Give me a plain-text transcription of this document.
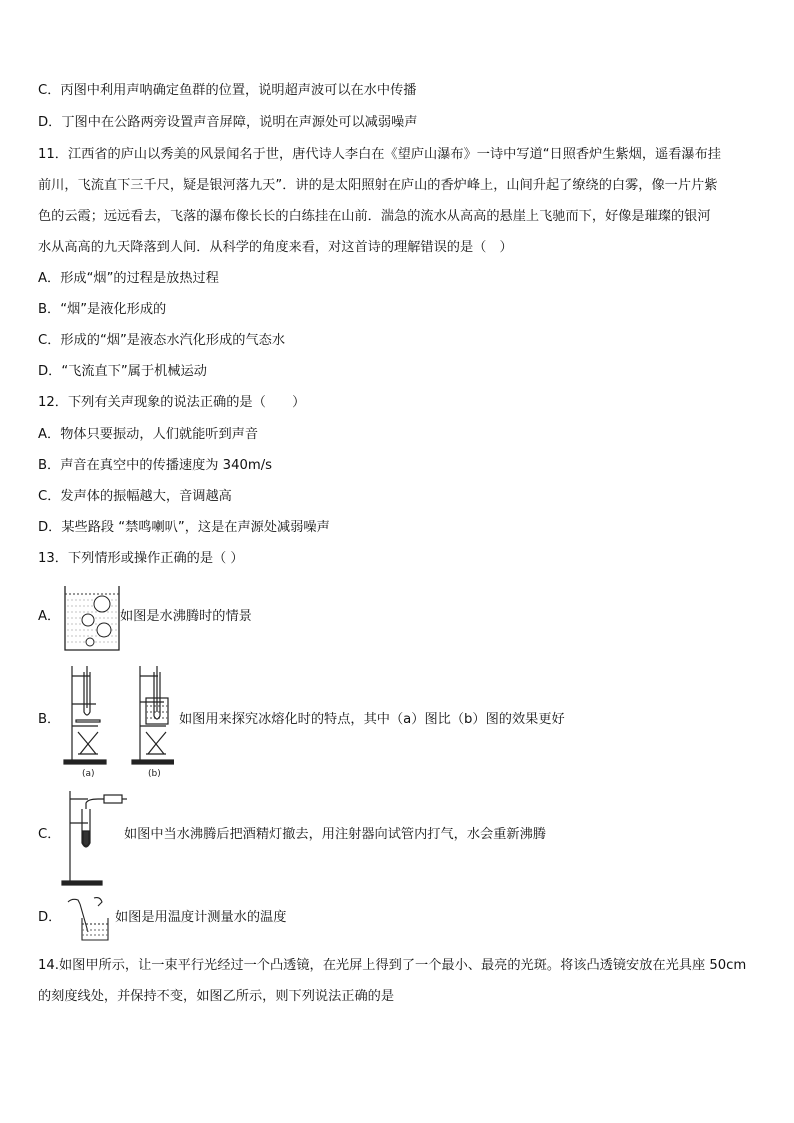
C．丙图中利用声呐确定鱼群的位置，说明超声波可以在水中传播
D．丁图中在公路两旁设置声音屏障，说明在声源处可以减弱噪声
11．江西省的庐山以秀美的风景闻名于世，唐代诗人李白在《望庐山瀑布》一诗中写道“日照香炉生紫烟，遥看瀑布挂
前川，飞流直下三千尺，疑是银河落九天”．讲的是太阳照射在庐山的香炉峰上，山间升起了缭绕的白雾，像一片片紫
色的云霞；远远看去，飞落的瀑布像长长的白练挂在山前．湍急的流水从高高的悬崖上飞驰而下，好像是璀璨的银河
水从高高的九天降落到人间．从科学的角度来看，对这首诗的理解错误的是（　）
A．形成“烟”的过程是放热过程
B．“烟”是液化形成的
C．形成的“烟”是液态水汽化形成的气态水
D．“飞流直下”属于机械运动
12．下列有关声现象的说法正确的是（　　）
A．物体只要振动，人们就能听到声音
B．声音在真空中的传播速度为 340m/s
C．发声体的振幅越大，音调越高
D．某些路段 “禁鸣喇叭”，这是在声源处减弱噪声
13．下列情形或操作正确的是（ ）
A．	如图是水沸腾时的情景
B．
(a)	(b)
如图用来探究冰熔化时的特点，其中（a）图比（b）图的效果更好
C．	如图中当水沸腾后把酒精灯撤去，用注射器向试管内打气，水会重新沸腾
D．	如图是用温度计测量水的温度
14.如图甲所示，让一束平行光经过一个凸透镜，在光屏上得到了一个最小、最亮的光斑。将该凸透镜安放在光具座 50cm
的刻度线处，并保持不变，如图乙所示，则下列说法正确的是
